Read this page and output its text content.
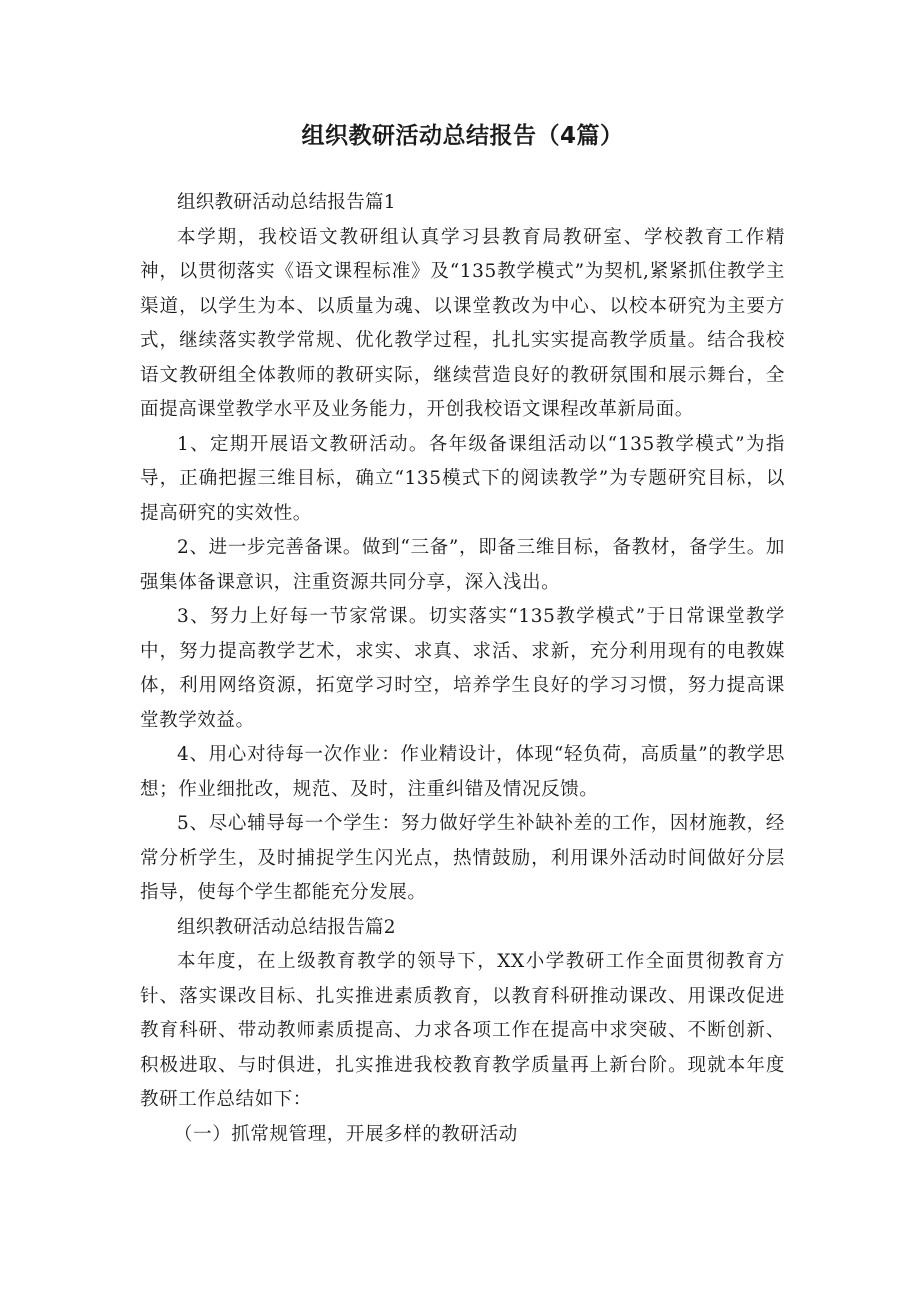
组织教研活动总结报告（4篇）

组织教研活动总结报告篇1

本学期，我校语文教研组认真学习县教育局教研室、学校教育工作精神，以贯彻落实《语文课程标准》及“135教学模式”为契机,紧紧抓住教学主渠道，以学生为本、以质量为魂、以课堂教改为中心、以校本研究为主要方式，继续落实教学常规、优化教学过程，扎扎实实提高教学质量。结合我校语文教研组全体教师的教研实际，继续营造良好的教研氛围和展示舞台，全面提高课堂教学水平及业务能力，开创我校语文课程改革新局面。

1、定期开展语文教研活动。各年级备课组活动以“135教学模式”为指导，正确把握三维目标，确立“135模式下的阅读教学”为专题研究目标，以提高研究的实效性。

2、进一步完善备课。做到“三备”，即备三维目标，备教材，备学生。加强集体备课意识，注重资源共同分享，深入浅出。

3、努力上好每一节家常课。切实落实“135教学模式”于日常课堂教学中，努力提高教学艺术，求实、求真、求活、求新，充分利用现有的电教媒体，利用网络资源，拓宽学习时空，培养学生良好的学习习惯，努力提高课堂教学效益。

4、用心对待每一次作业：作业精设计，体现“轻负荷，高质量”的教学思想；作业细批改，规范、及时，注重纠错及情况反馈。

5、尽心辅导每一个学生：努力做好学生补缺补差的工作，因材施教，经常分析学生，及时捕捉学生闪光点，热情鼓励，利用课外活动时间做好分层指导，使每个学生都能充分发展。

组织教研活动总结报告篇2

本年度，在上级教育教学的领导下，XX小学教研工作全面贯彻教育方针、落实课改目标、扎实推进素质教育，以教育科研推动课改、用课改促进教育科研、带动教师素质提高、力求各项工作在提高中求突破、不断创新、积极进取、与时俱进，扎实推进我校教育教学质量再上新台阶。现就本年度教研工作总结如下：

（一）抓常规管理，开展多样的教研活动
